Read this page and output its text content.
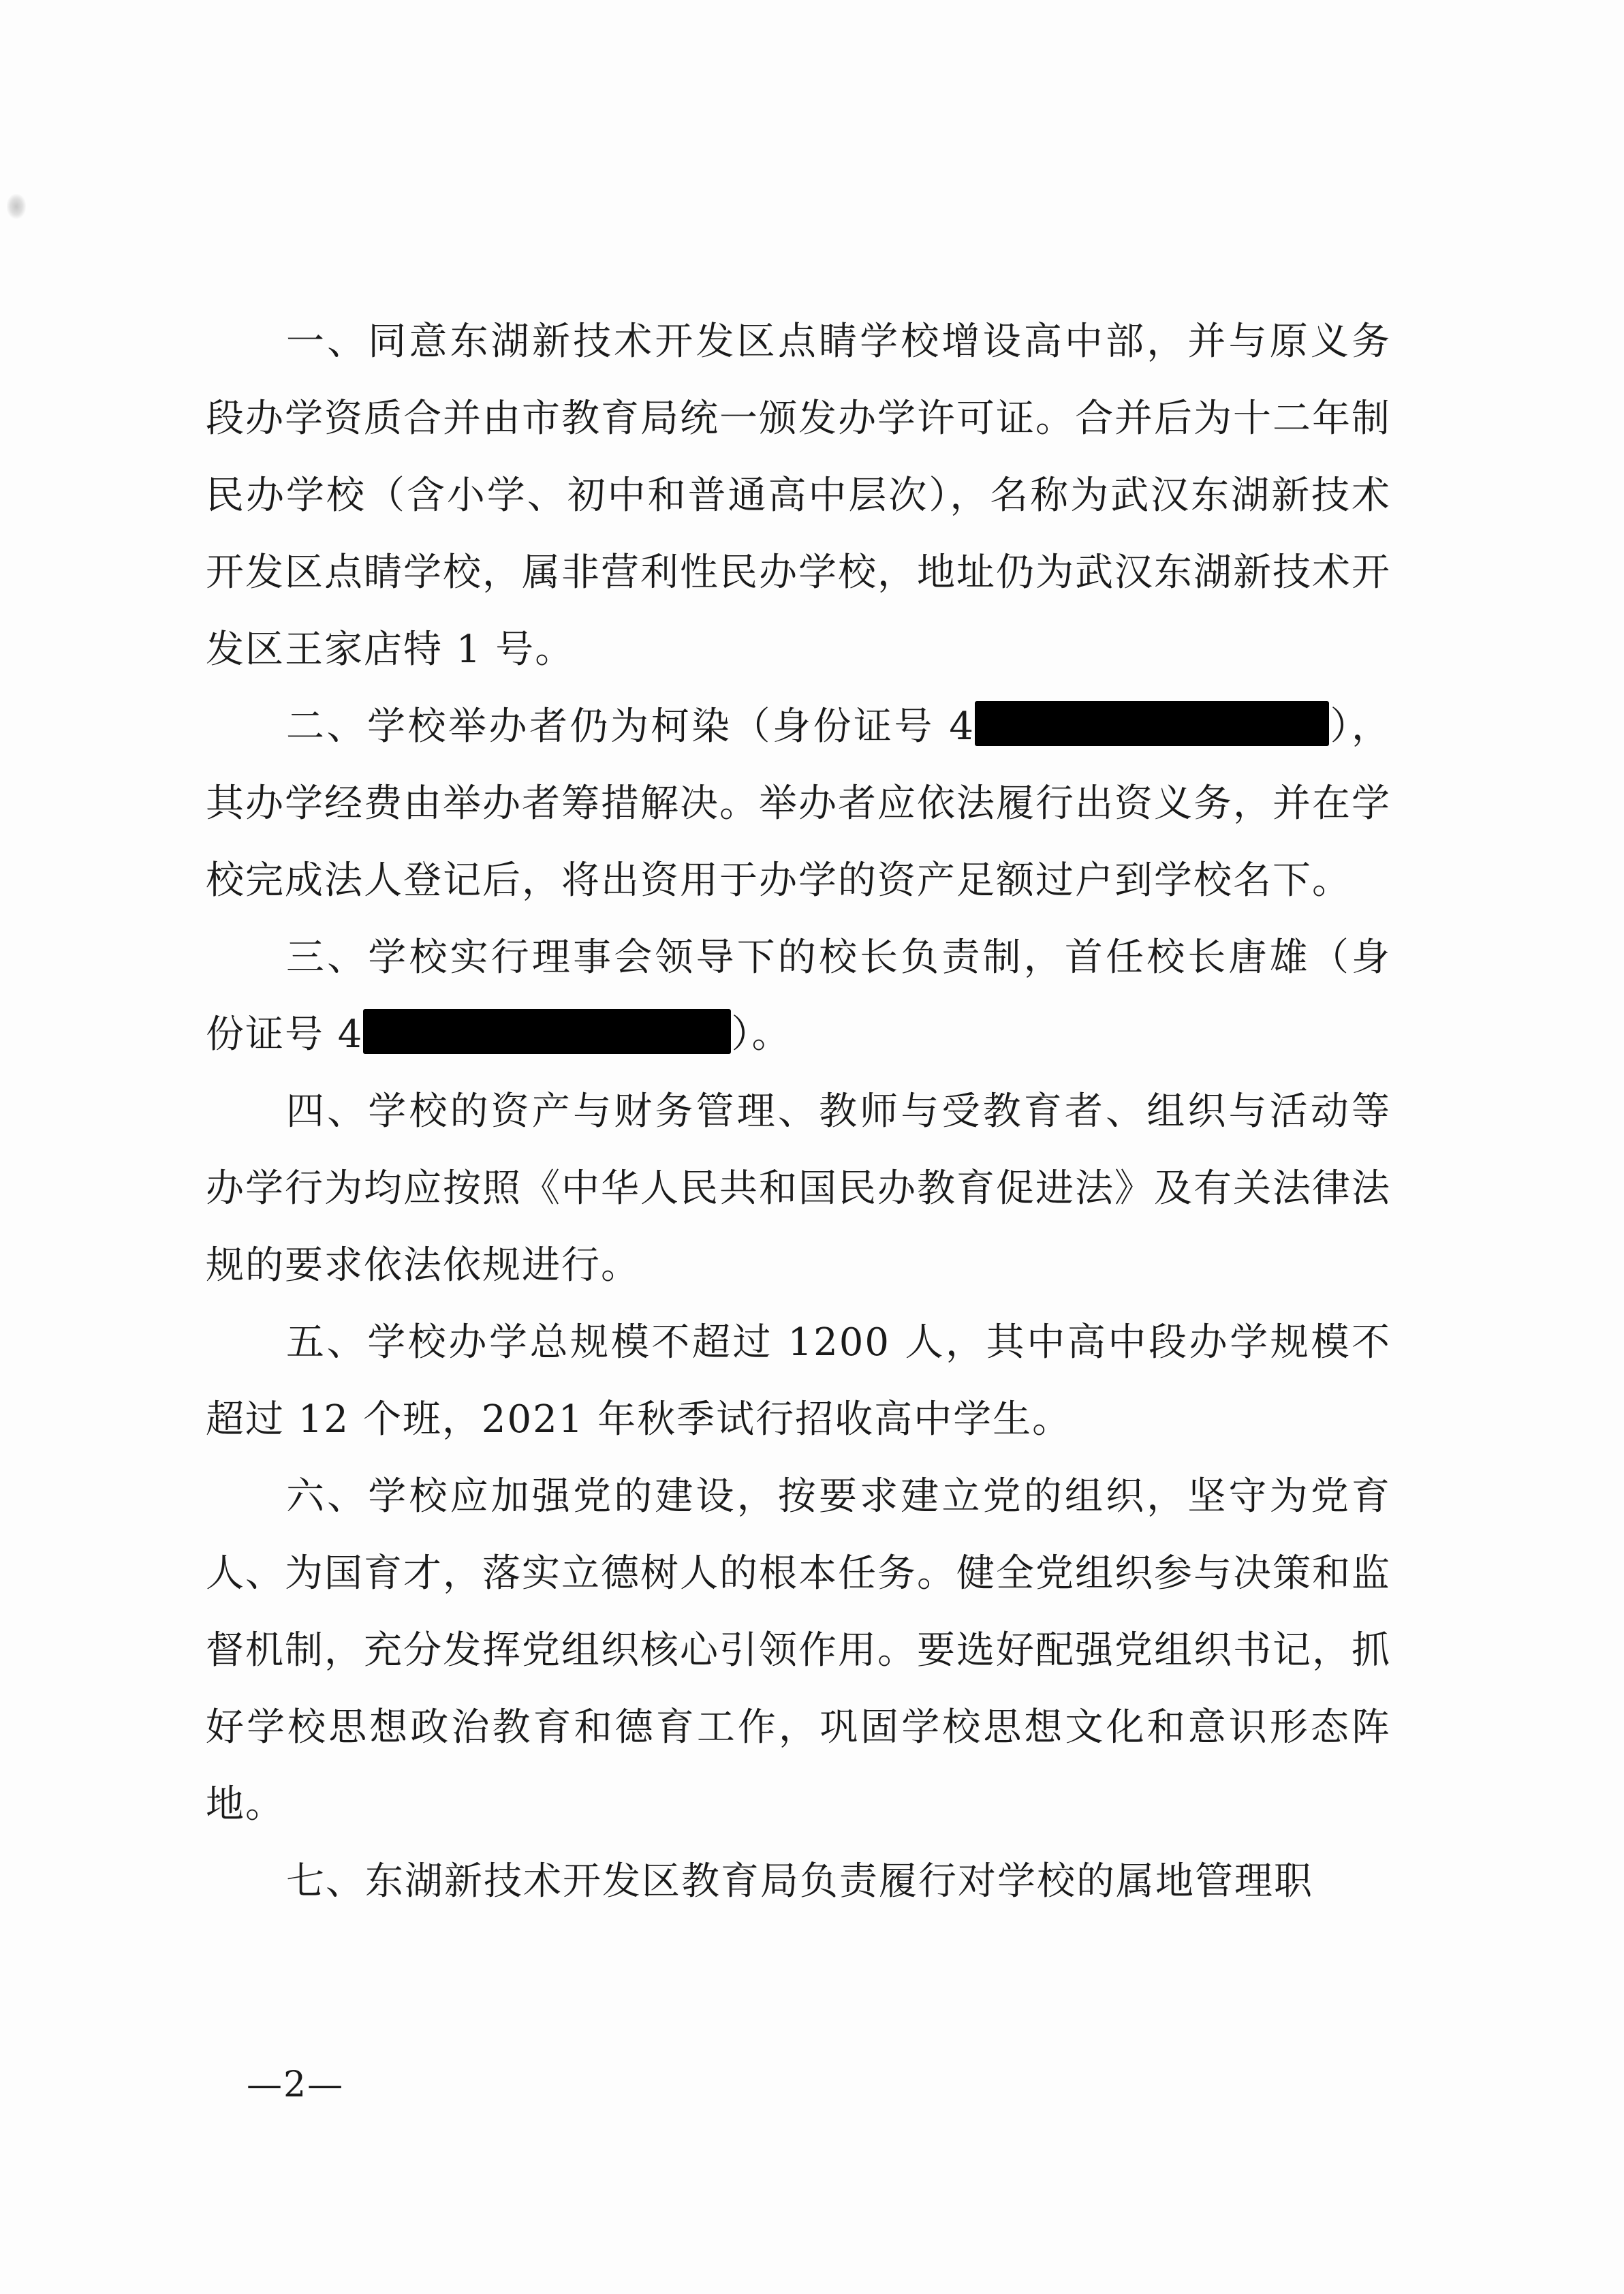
一、同意东湖新技术开发区点睛学校增设高中部，并与原义务段办学资质合并由市教育局统一颁发办学许可证。合并后为十二年制民办学校（含小学、初中和普通高中层次），名称为武汉东湖新技术开发区点睛学校，属非营利性民办学校，地址仍为武汉东湖新技术开发区王家店特 1 号。

二、学校举办者仍为柯染（身份证号 4	），其办学经费由举办者筹措解决。举办者应依法履行出资义务，并在学校完成法人登记后，将出资用于办学的资产足额过户到学校名下。

三、学校实行理事会领导下的校长负责制，首任校长唐雄（身份证号 4	）。

四、学校的资产与财务管理、教师与受教育者、组织与活动等办学行为均应按照《中华人民共和国民办教育促进法》及有关法律法规的要求依法依规进行。

五、学校办学总规模不超过 1200 人，其中高中段办学规模不超过 12 个班，2021 年秋季试行招收高中学生。

六、学校应加强党的建设，按要求建立党的组织，坚守为党育人、为国育才，落实立德树人的根本任务。健全党组织参与决策和监督机制，充分发挥党组织核心引领作用。要选好配强党组织书记，抓好学校思想政治教育和德育工作，巩固学校思想文化和意识形态阵地。

七、东湖新技术开发区教育局负责履行对学校的属地管理职

—2—
